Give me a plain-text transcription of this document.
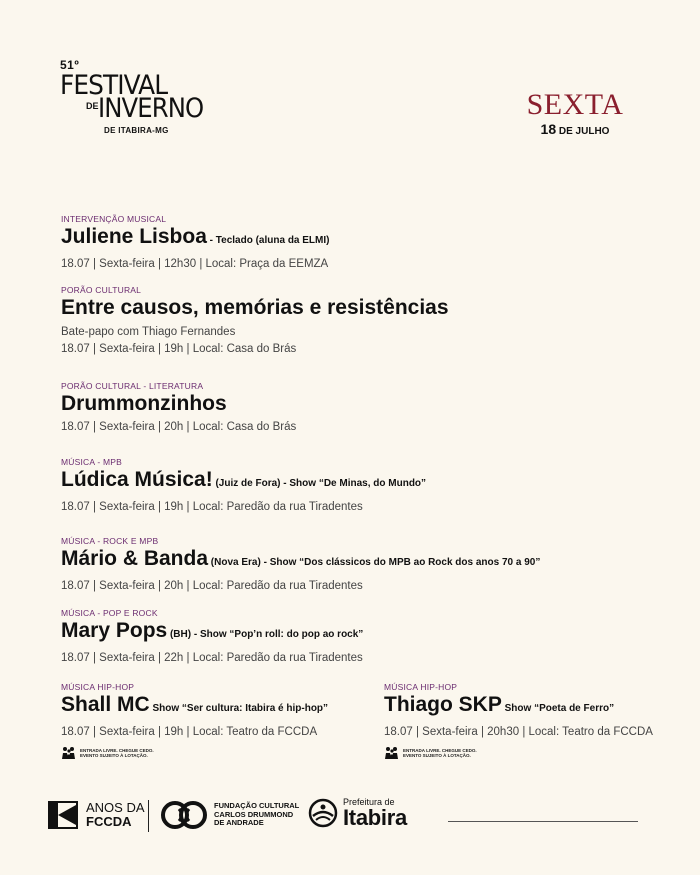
51º
FESTIVAL
DE INVERNO
DE ITABIRA-MG
SEXTA
18 DE JULHO
INTERVENÇÃO MUSICAL
Juliene Lisboa - Teclado (aluna da ELMI)
18.07 | Sexta-feira | 12h30 | Local: Praça da EEMZA
PORÃO CULTURAL
Entre causos, memórias e resistências
Bate-papo com Thiago Fernandes
18.07 | Sexta-feira | 19h | Local: Casa do Brás
PORÃO CULTURAL - LITERATURA
Drummonzinhos
18.07 | Sexta-feira | 20h | Local: Casa do Brás
MÚSICA - MPB
Lúdica Música! (Juiz de Fora) - Show “De Minas, do Mundo”
18.07 | Sexta-feira | 19h | Local: Paredão da rua Tiradentes
MÚSICA - ROCK E MPB
Mário & Banda (Nova Era) - Show “Dos clássicos do MPB ao Rock dos anos 70 a 90”
18.07 | Sexta-feira | 20h | Local: Paredão da rua Tiradentes
MÚSICA - POP E ROCK
Mary Pops (BH) - Show “Pop’n roll: do pop ao rock”
18.07 | Sexta-feira | 22h | Local: Paredão da rua Tiradentes
MÚSICA HIP-HOP
Shall MC Show “Ser cultura: Itabira é hip-hop”
18.07 | Sexta-feira | 19h | Local: Teatro da FCCDA
ENTRADA LIVRE. CHEGUE CEDO.
EVENTO SUJEITO À LOTAÇÃO.
MÚSICA HIP-HOP
Thiago SKP Show “Poeta de Ferro”
18.07 | Sexta-feira | 20h30 | Local: Teatro da FCCDA
ENTRADA LIVRE. CHEGUE CEDO.
EVENTO SUJEITO À LOTAÇÃO.
ANOS DA
FCCDA
FUNDAÇÃO CULTURAL
CARLOS DRUMMOND
DE ANDRADE
Prefeitura de
Itabira
